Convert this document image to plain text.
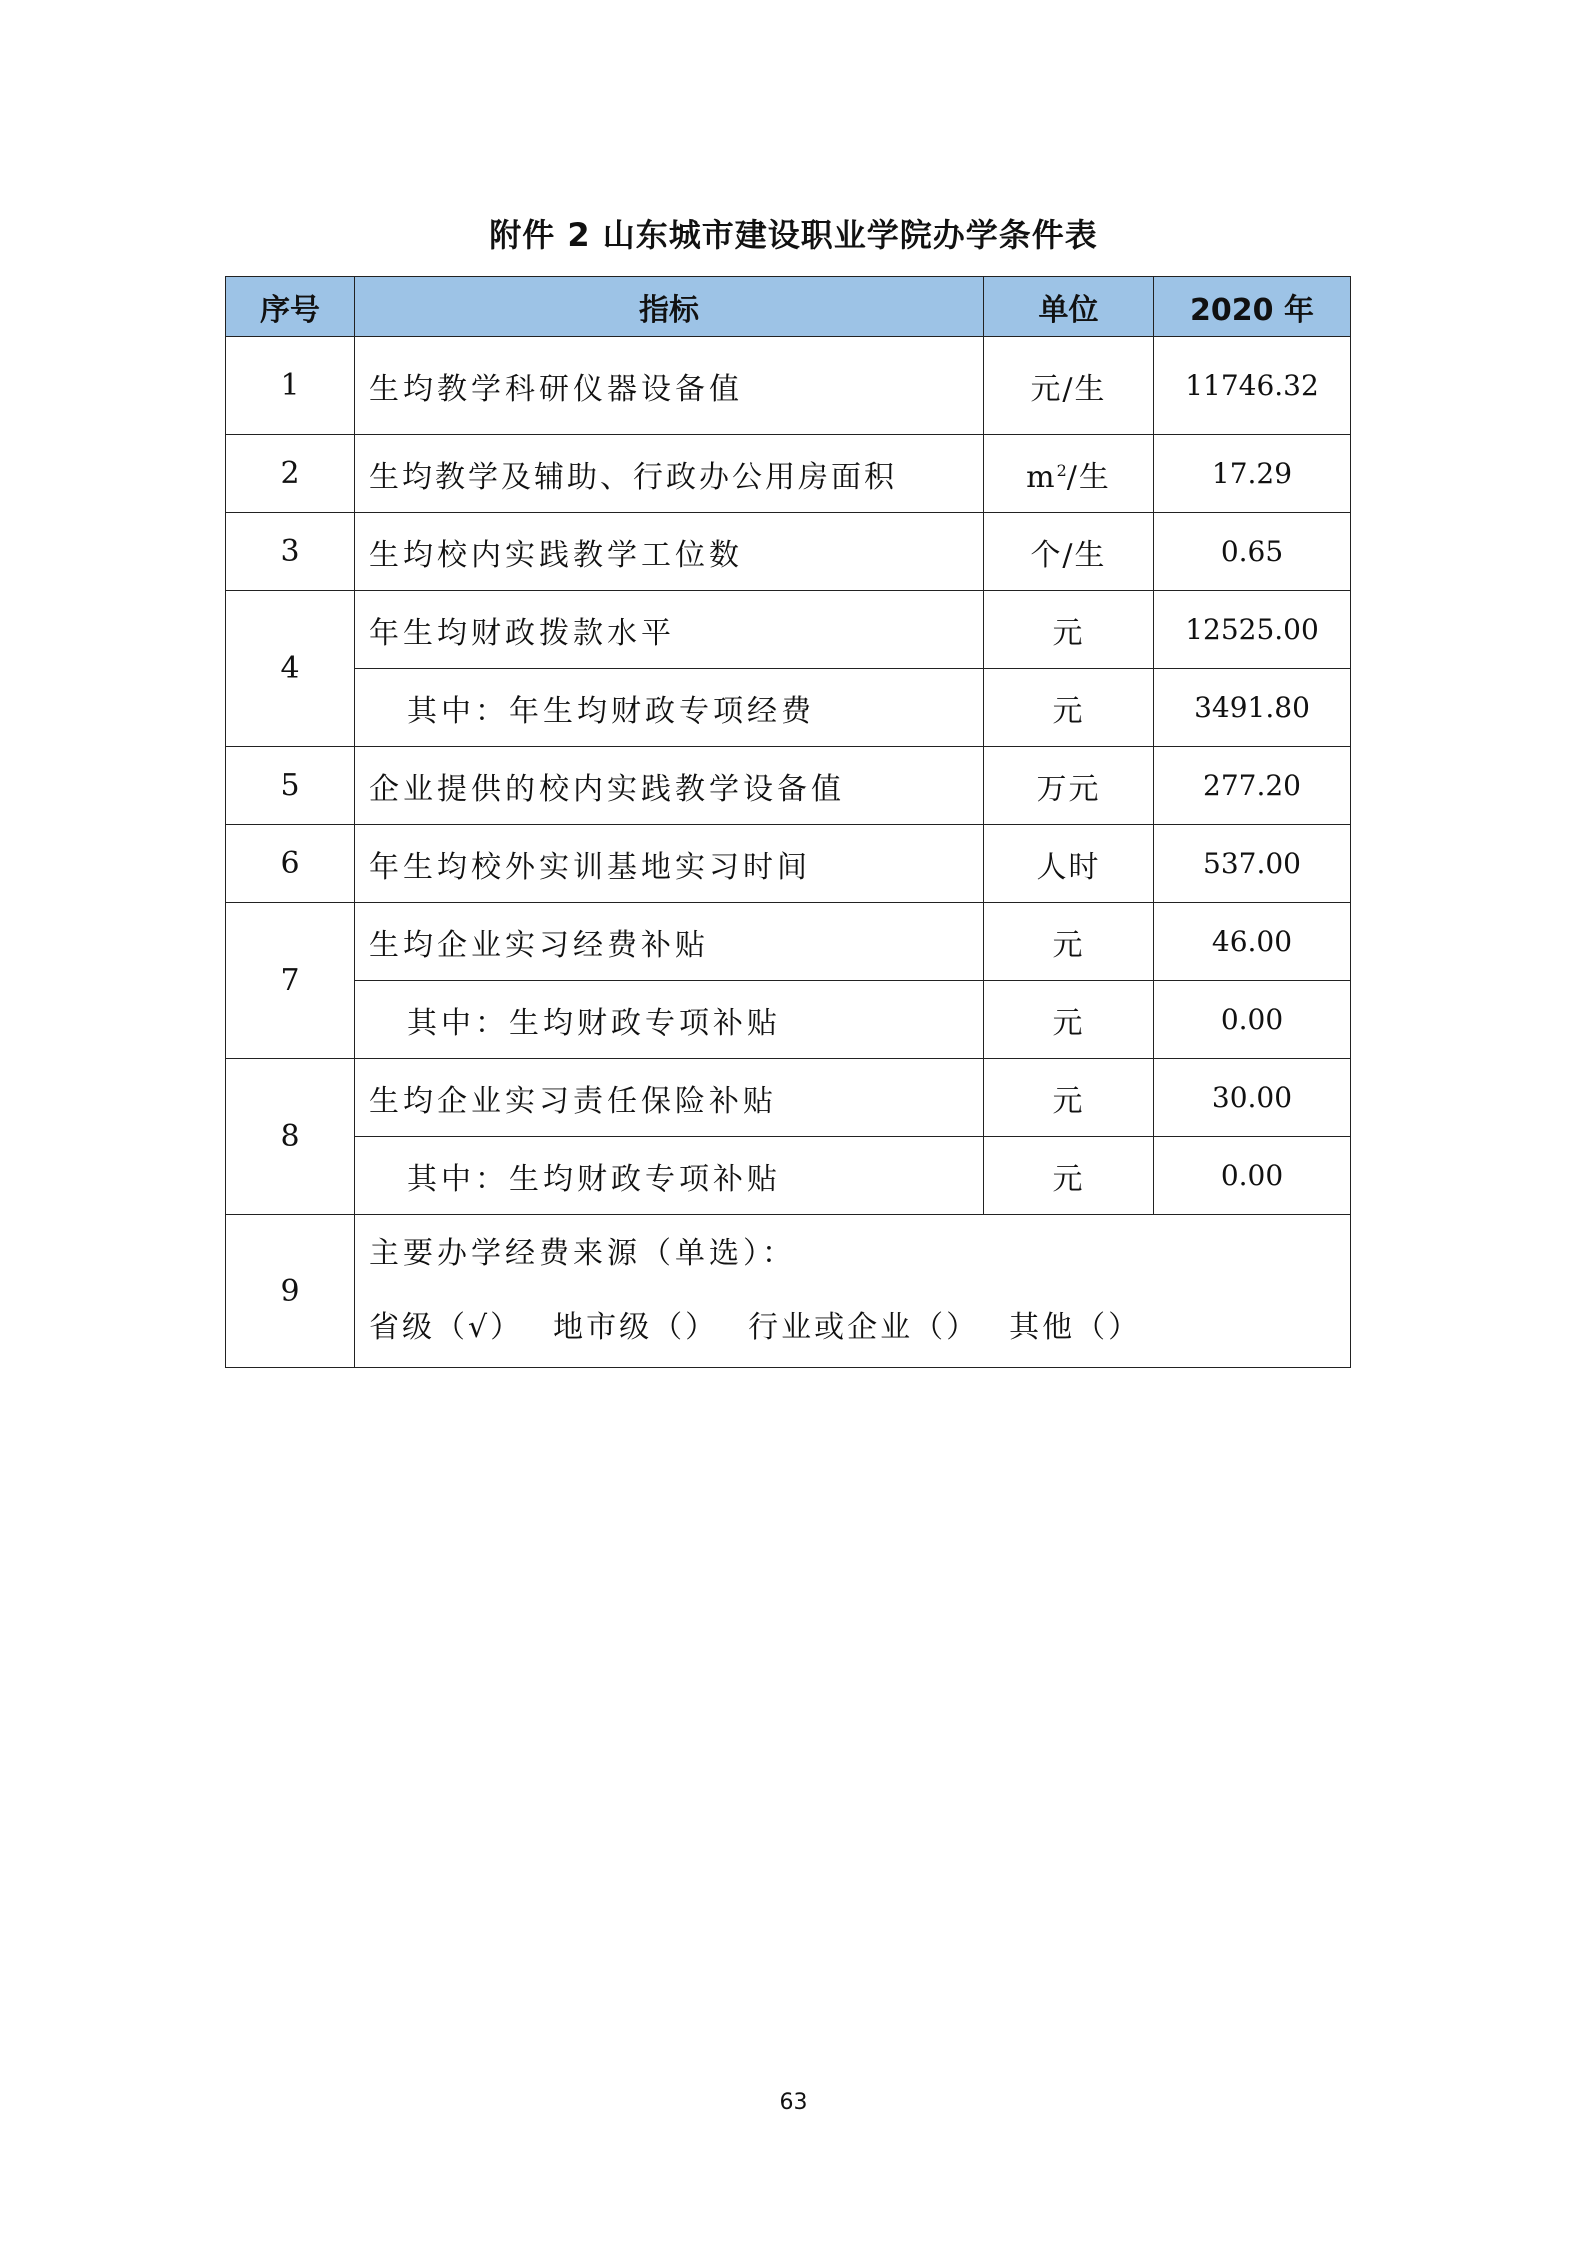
附件 2 山东城市建设职业学院办学条件表
序号	指标	单位	2020 年
1	生均教学科研仪器设备值	元/生	11746.32
2	生均教学及辅助、行政办公用房面积	$m^2/$生	17.29
3	生均校内实践教学工位数	个/生	0.65
4	年生均财政拨款水平	元	12525.00
	其中：年生均财政专项经费	元	3491.80
5	企业提供的校内实践教学设备值	万元	277.20
6	年生均校外实训基地实习时间	人时	537.00
7	生均企业实习经费补贴	元	46.00
	其中：生均财政专项补贴	元	0.00
8	生均企业实习责任保险补贴	元	30.00
	其中：生均财政专项补贴	元	0.00
9	主要办学经费来源（单选）：
省级（√） 地市级（） 行业或企业（） 其他（）		
63
